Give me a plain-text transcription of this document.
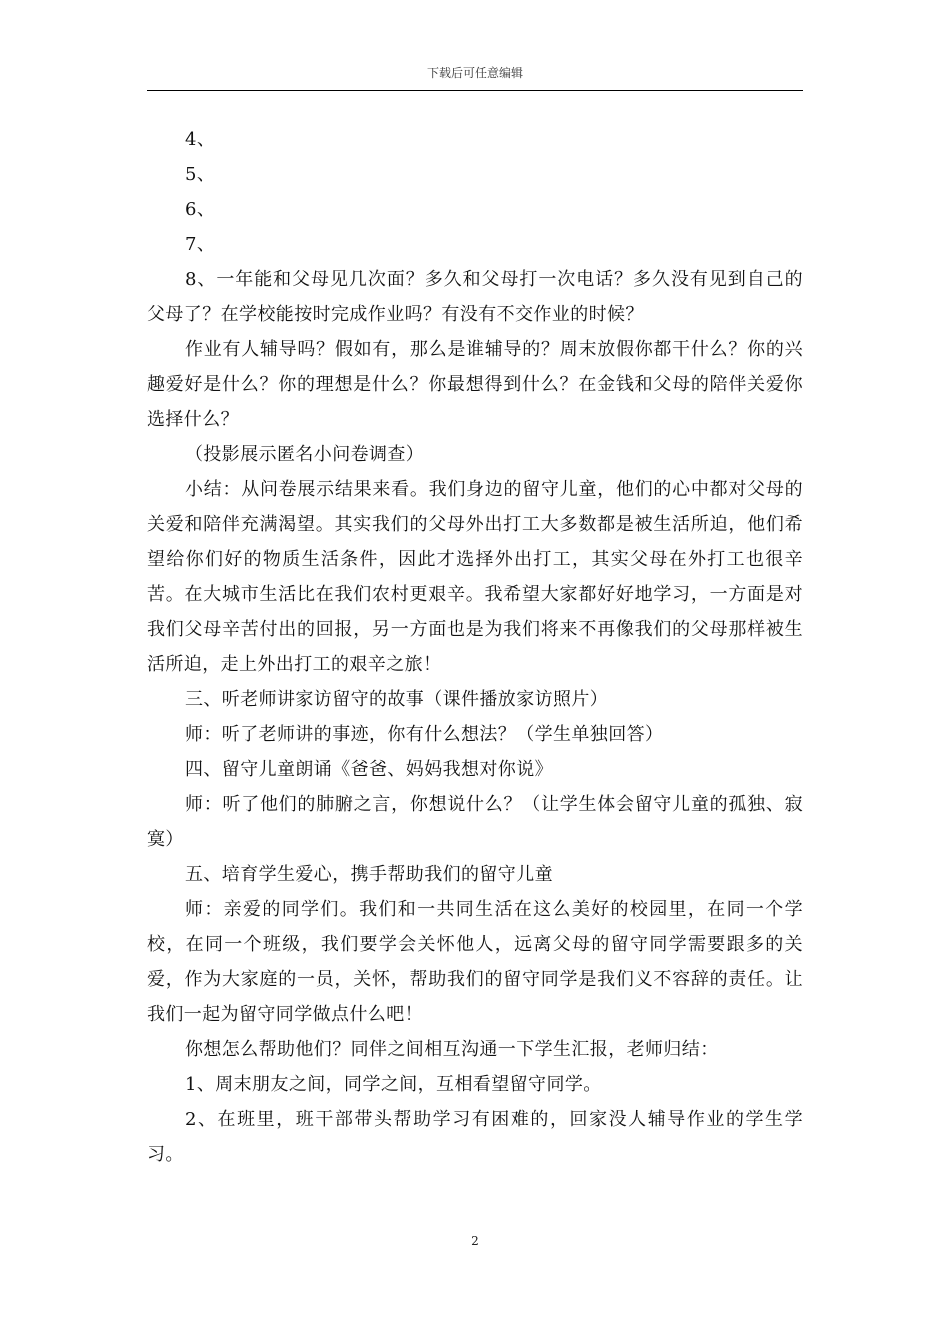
下载后可任意编辑

4、

5、

6、

7、

8、一年能和父母见几次面？多久和父母打一次电话？多久没有见到自己的父母了？在学校能按时完成作业吗？有没有不交作业的时候？

作业有人辅导吗？假如有，那么是谁辅导的？周末放假你都干什么？你的兴趣爱好是什么？你的理想是什么？你最想得到什么？在金钱和父母的陪伴关爱你选择什么？

（投影展示匿名小问卷调查）

小结：从问卷展示结果来看。我们身边的留守儿童，他们的心中都对父母的关爱和陪伴充满渴望。其实我们的父母外出打工大多数都是被生活所迫，他们希望给你们好的物质生活条件，因此才选择外出打工，其实父母在外打工也很辛苦。在大城市生活比在我们农村更艰辛。我希望大家都好好地学习，一方面是对我们父母辛苦付出的回报，另一方面也是为我们将来不再像我们的父母那样被生活所迫，走上外出打工的艰辛之旅！

三、听老师讲家访留守的故事（课件播放家访照片）

师：听了老师讲的事迹，你有什么想法？（学生单独回答）

四、留守儿童朗诵《爸爸、妈妈我想对你说》

师：听了他们的肺腑之言，你想说什么？（让学生体会留守儿童的孤独、寂寞）

五、培育学生爱心，携手帮助我们的留守儿童

师：亲爱的同学们。我们和一共同生活在这么美好的校园里，在同一个学校，在同一个班级，我们要学会关怀他人，远离父母的留守同学需要跟多的关爱，作为大家庭的一员，关怀，帮助我们的留守同学是我们义不容辞的责任。让我们一起为留守同学做点什么吧！

你想怎么帮助他们？同伴之间相互沟通一下学生汇报，老师归结：

1、周末朋友之间，同学之间，互相看望留守同学。

2、在班里，班干部带头帮助学习有困难的，回家没人辅导作业的学生学习。

2
